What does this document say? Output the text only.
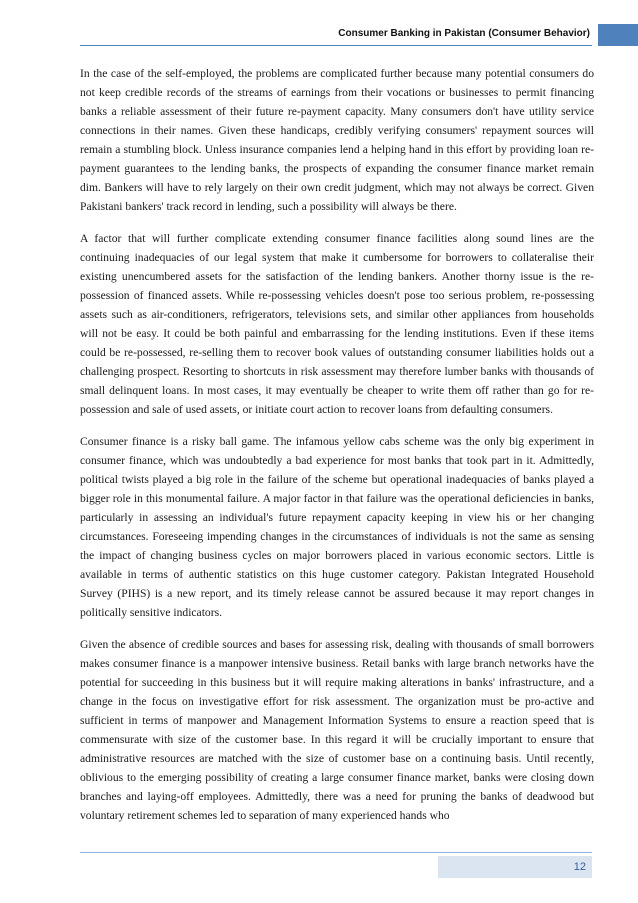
Consumer Banking in Pakistan (Consumer Behavior)

In the case of the self-employed, the problems are complicated further because many potential consumers do not keep credible records of the streams of earnings from their vocations or businesses to permit financing banks a reliable assessment of their future re-payment capacity. Many consumers don't have utility service connections in their names. Given these handicaps, credibly verifying consumers' repayment sources will remain a stumbling block. Unless insurance companies lend a helping hand in this effort by providing loan re-payment guarantees to the lending banks, the prospects of expanding the consumer finance market remain dim. Bankers will have to rely largely on their own credit judgment, which may not always be correct. Given Pakistani bankers' track record in lending, such a possibility will always be there.

A factor that will further complicate extending consumer finance facilities along sound lines are the continuing inadequacies of our legal system that make it cumbersome for borrowers to collateralise their existing unencumbered assets for the satisfaction of the lending bankers. Another thorny issue is the re-possession of financed assets. While re-possessing vehicles doesn't pose too serious problem, re-possessing assets such as air-conditioners, refrigerators, televisions sets, and similar other appliances from households will not be easy. It could be both painful and embarrassing for the lending institutions. Even if these items could be re-possessed, re-selling them to recover book values of outstanding consumer liabilities holds out a challenging prospect. Resorting to shortcuts in risk assessment may therefore lumber banks with thousands of small delinquent loans. In most cases, it may eventually be cheaper to write them off rather than go for re-possession and sale of used assets, or initiate court action to recover loans from defaulting consumers.

Consumer finance is a risky ball game. The infamous yellow cabs scheme was the only big experiment in consumer finance, which was undoubtedly a bad experience for most banks that took part in it. Admittedly, political twists played a big role in the failure of the scheme but operational inadequacies of banks played a bigger role in this monumental failure. A major factor in that failure was the operational deficiencies in banks, particularly in assessing an individual's future repayment capacity keeping in view his or her changing circumstances. Foreseeing impending changes in the circumstances of individuals is not the same as sensing the impact of changing business cycles on major borrowers placed in various economic sectors. Little is available in terms of authentic statistics on this huge customer category. Pakistan Integrated Household Survey (PIHS) is a new report, and its timely release cannot be assured because it may report changes in politically sensitive indicators.

Given the absence of credible sources and bases for assessing risk, dealing with thousands of small borrowers makes consumer finance is a manpower intensive business. Retail banks with large branch networks have the potential for succeeding in this business but it will require making alterations in banks' infrastructure, and a change in the focus on investigative effort for risk assessment. The organization must be pro-active and sufficient in terms of manpower and Management Information Systems to ensure a reaction speed that is commensurate with size of the customer base. In this regard it will be crucially important to ensure that administrative resources are matched with the size of customer base on a continuing basis. Until recently, oblivious to the emerging possibility of creating a large consumer finance market, banks were closing down branches and laying-off employees. Admittedly, there was a need for pruning the banks of deadwood but voluntary retirement schemes led to separation of many experienced hands who

12
